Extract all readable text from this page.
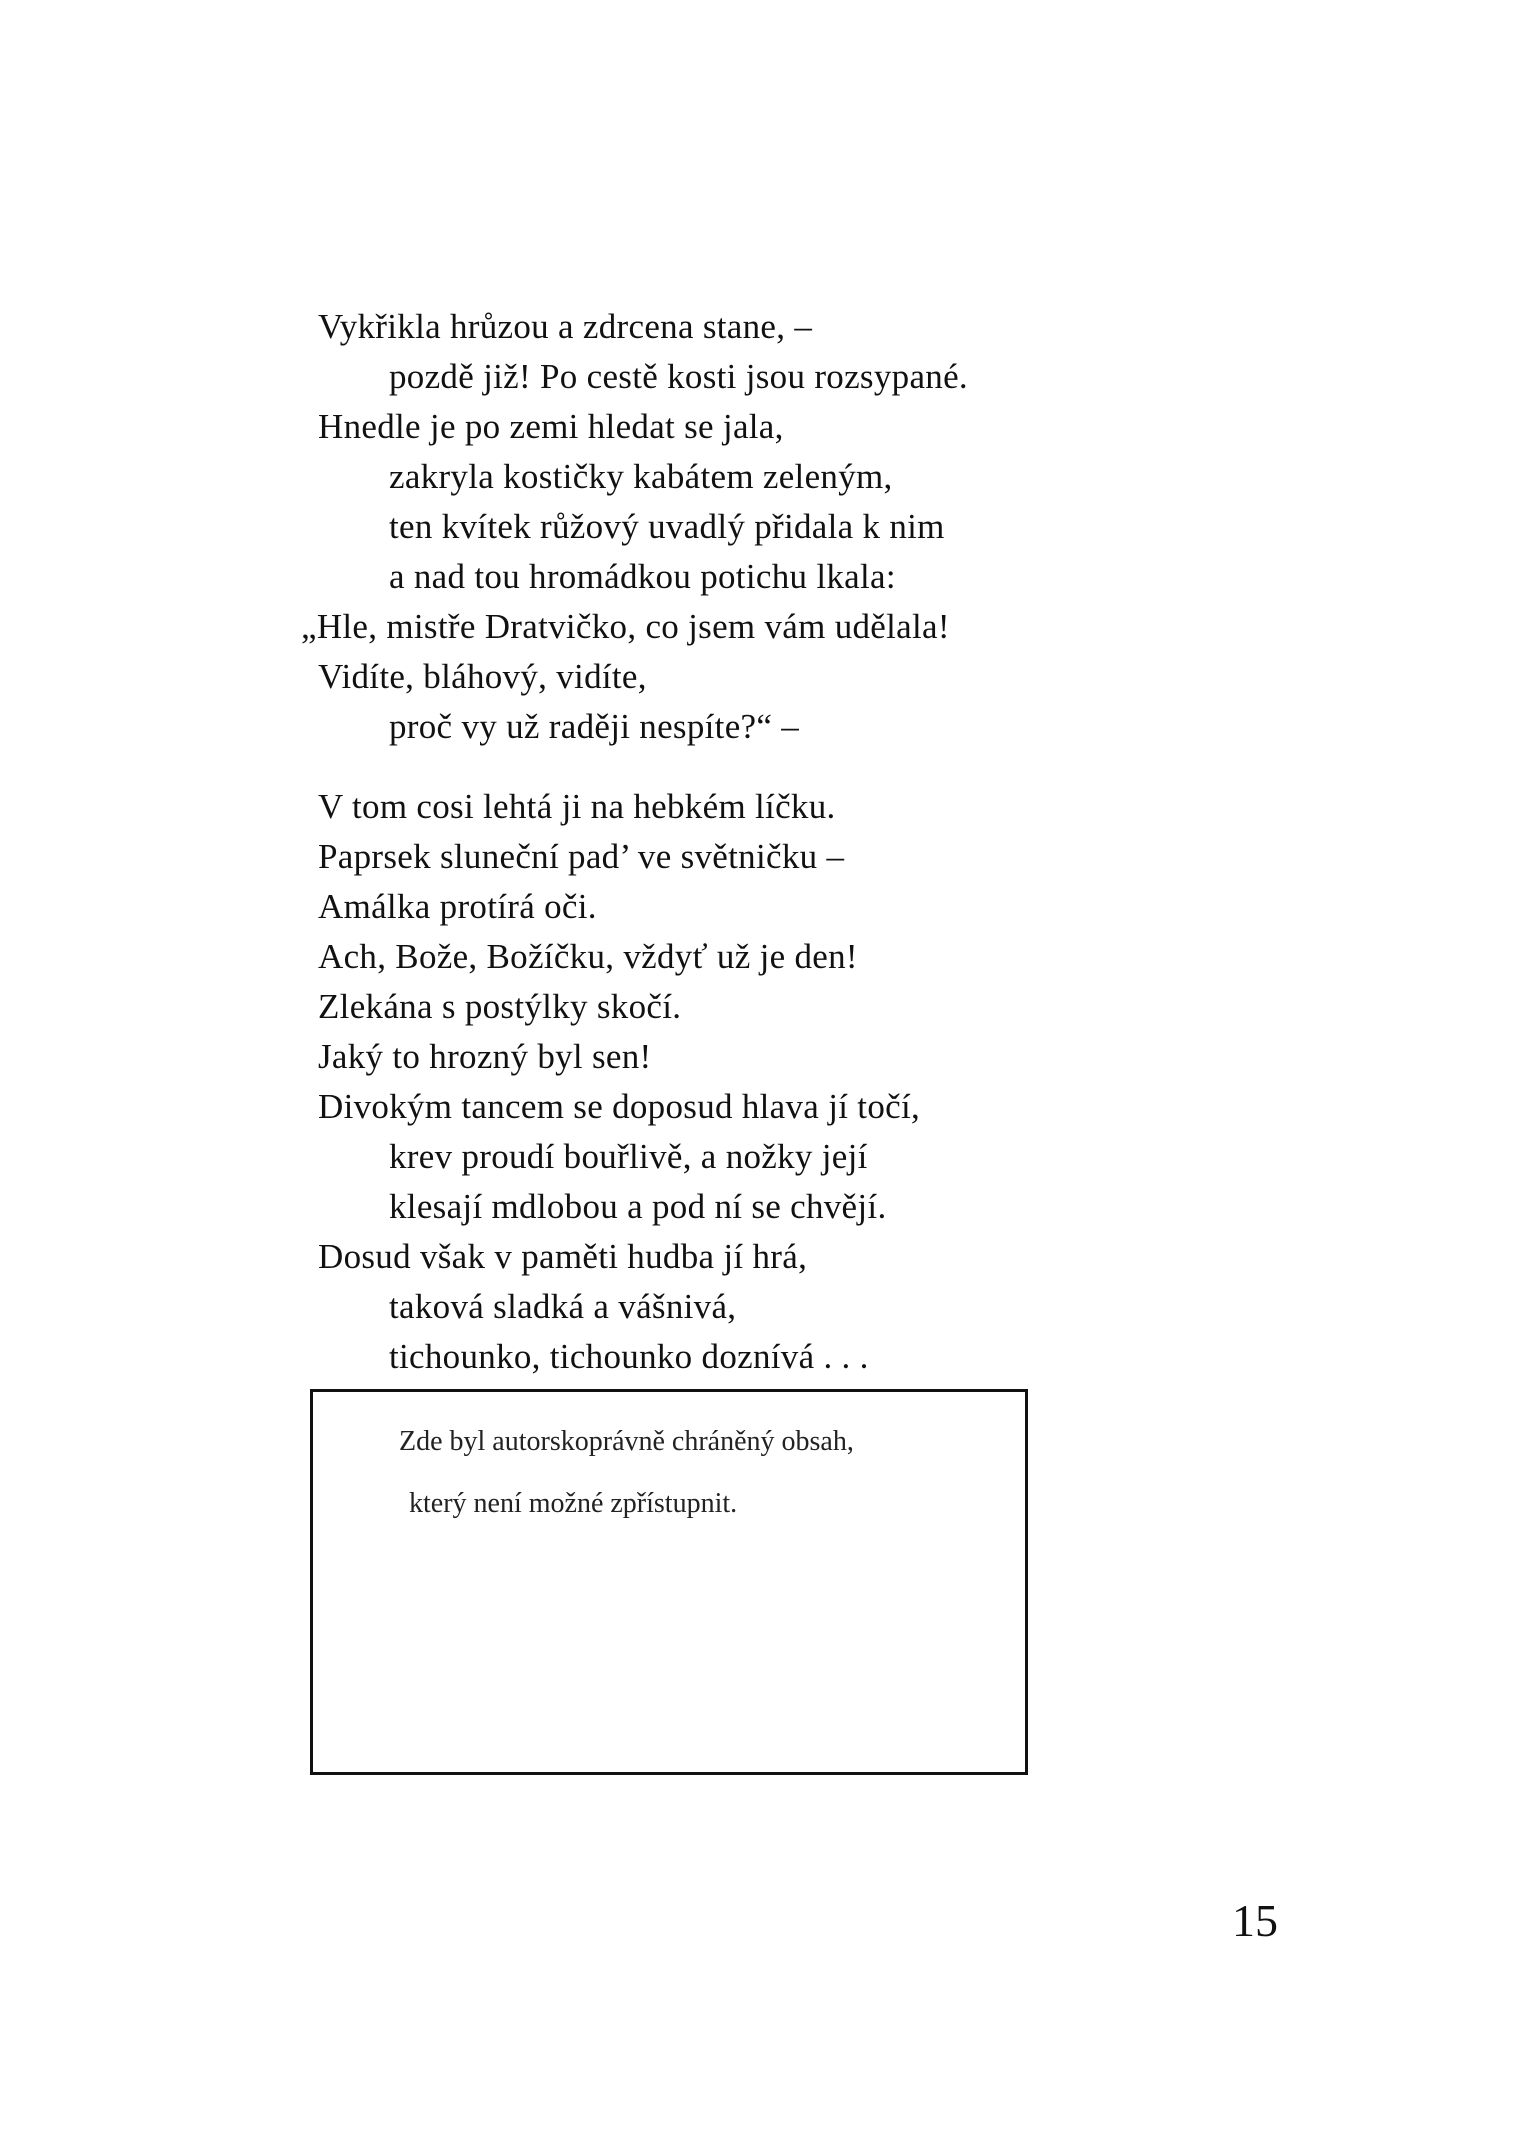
Vykřikla hrůzou a zdrcena stane, –
pozdě již! Po cestě kosti jsou rozsypané.
Hnedle je po zemi hledat se jala,
zakryla kostičky kabátem zeleným,
ten kvítek růžový uvadlý přidala k nim
a nad tou hromádkou potichu lkala:
„Hle, mistře Dratvičko, co jsem vám udělala!
Vidíte, bláhový, vidíte,
proč vy už raději nespíte?“ –
V tom cosi lehtá ji na hebkém líčku.
Paprsek sluneční pad’ ve světničku –
Amálka protírá oči.
Ach, Bože, Božíčku, vždyť už je den!
Zlekána s postýlky skočí.
Jaký to hrozný byl sen!
Divokým tancem se doposud hlava jí točí,
krev proudí bouřlivě, a nožky její
klesají mdlobou a pod ní se chvějí.
Dosud však v paměti hudba jí hrá,
taková sladká a vášnivá,
tichounko, tichounko doznívá . . .
Zde byl autorskoprávně chráněný obsah,
který není možné zpřístupnit.
15
